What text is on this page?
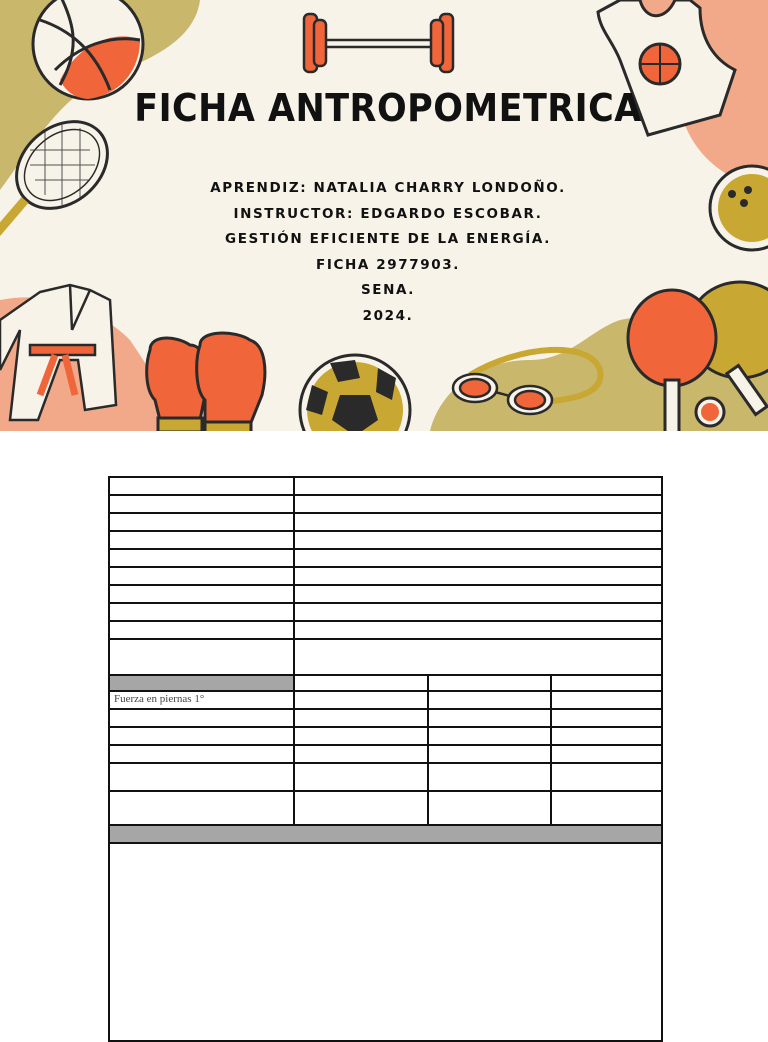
FICHA ANTROPOMETRICA
APRENDIZ: NATALIA CHARRY LONDOÑO.
INSTRUCTOR: EDGARDO ESCOBAR.
GESTIÓN EFICIENTE DE LA ENERGÍA.
FICHA 2977903.
SENA.
2024.
Fuerza en piernas 1°
